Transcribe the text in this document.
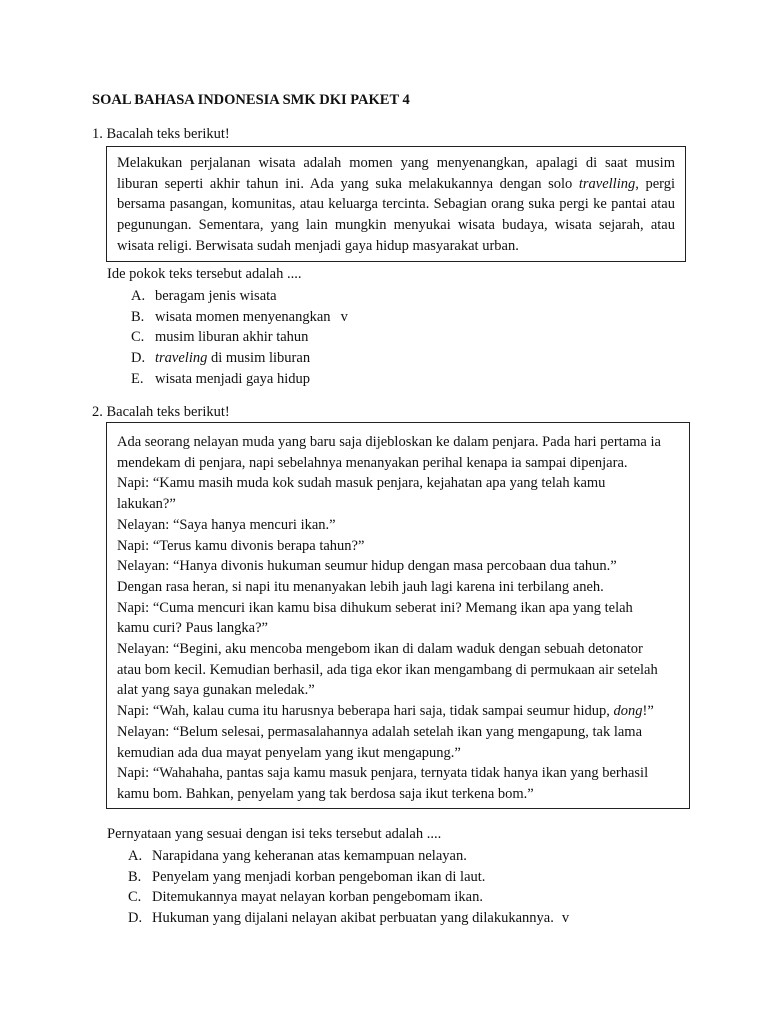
SOAL BAHASA INDONESIA SMK DKI PAKET 4
1. Bacalah teks berikut!

Melakukan perjalanan wisata adalah momen yang menyenangkan, apalagi di saat musim liburan seperti akhir tahun ini. Ada yang suka melakukannya dengan solo travelling, pergi bersama pasangan, komunitas, atau keluarga tercinta. Sebagian orang suka pergi ke pantai atau pegunungan. Sementara, yang lain mungkin menyukai wisata budaya, wisata sejarah, atau wisata religi. Berwisata sudah menjadi gaya hidup masyarakat urban.

Ide pokok teks tersebut adalah ....
A. beragam jenis wisata
B. wisata momen menyenangkan v
C. musim liburan akhir tahun
D. traveling di musim liburan
E. wisata menjadi gaya hidup
2. Bacalah teks berikut!
Ada seorang nelayan muda yang baru saja dijebloskan ke dalam penjara. Pada hari pertama ia
mendekam di penjara, napi sebelahnya menanyakan perihal kenapa ia sampai dipenjara.
Napi: “Kamu masih muda kok sudah masuk penjara, kejahatan apa yang telah kamu
lakukan?”
Nelayan: “Saya hanya mencuri ikan.”
Napi: “Terus kamu divonis berapa tahun?”
Nelayan: “Hanya divonis hukuman seumur hidup dengan masa percobaan dua tahun.”
Dengan rasa heran, si napi itu menanyakan lebih jauh lagi karena ini terbilang aneh.
Napi: “Cuma mencuri ikan kamu bisa dihukum seberat ini? Memang ikan apa yang telah
kamu curi? Paus langka?”
Nelayan: “Begini, aku mencoba mengebom ikan di dalam waduk dengan sebuah detonator
atau bom kecil. Kemudian berhasil, ada tiga ekor ikan mengambang di permukaan air setelah
alat yang saya gunakan meledak.”
Napi: “Wah, kalau cuma itu harusnya beberapa hari saja, tidak sampai seumur hidup, dong!”
Nelayan: “Belum selesai, permasalahannya adalah setelah ikan yang mengapung, tak lama
kemudian ada dua mayat penyelam yang ikut mengapung.”
Napi: “Wahahaha, pantas saja kamu masuk penjara, ternyata tidak hanya ikan yang berhasil
kamu bom. Bahkan, penyelam yang tak berdosa saja ikut terkena bom.”
Pernyataan yang sesuai dengan isi teks tersebut adalah ....
A. Narapidana yang keheranan atas kemampuan nelayan.
B. Penyelam yang menjadi korban pengeboman ikan di laut.
C. Ditemukannya mayat nelayan korban pengebomam ikan.
D. Hukuman yang dijalani nelayan akibat perbuatan yang dilakukannya. v
